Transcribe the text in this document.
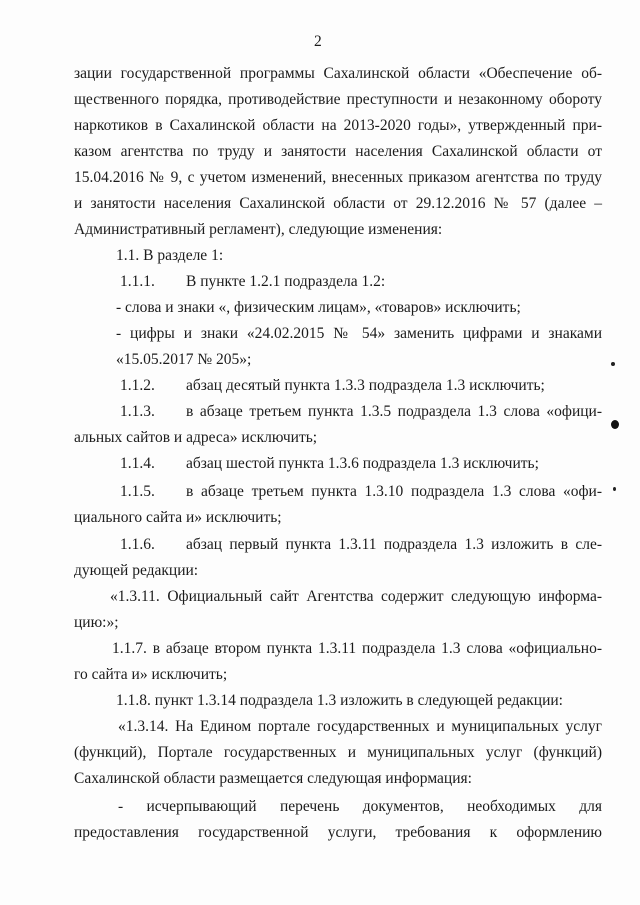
2
зации государственной программы Сахалинской области «Обеспечение об-
щественного порядка, противодействие преступности и незаконному обороту
наркотиков в Сахалинской области на 2013-2020 годы», утвержденный при-
казом агентства по труду и занятости населения Сахалинской области от
15.04.2016 № 9, с учетом изменений, внесенных приказом агентства по труду
и занятости населения Сахалинской области от 29.12.2016 № 57 (далее –
Административный регламент), следующие изменения:
1.1. В разделе 1:
1.1.1. В пункте 1.2.1 подраздела 1.2:
- слова и знаки «, физическим лицам», «товаров» исключить;
- цифры и знаки «24.02.2015 № 54» заменить цифрами и знаками
«15.05.2017 № 205»;
1.1.2. абзац десятый пункта 1.3.3 подраздела 1.3 исключить;
1.1.3. в абзаце третьем пункта 1.3.5 подраздела 1.3 слова «офици-
альных сайтов и адреса» исключить;
1.1.4. абзац шестой пункта 1.3.6 подраздела 1.3 исключить;
1.1.5. в абзаце третьем пункта 1.3.10 подраздела 1.3 слова «офи-
циального сайта и» исключить;
1.1.6. абзац первый пункта 1.3.11 подраздела 1.3 изложить в сле-
дующей редакции:
«1.3.11. Официальный сайт Агентства содержит следующую информа-
цию:»;
1.1.7. в абзаце втором пункта 1.3.11 подраздела 1.3 слова «официально-
го сайта и» исключить;
1.1.8. пункт 1.3.14 подраздела 1.3 изложить в следующей редакции:
«1.3.14. На Едином портале государственных и муниципальных услуг
(функций), Портале государственных и муниципальных услуг (функций)
Сахалинской области размещается следующая информация:
- исчерпывающий перечень документов, необходимых для
предоставления государственной услуги, требования к оформлению
